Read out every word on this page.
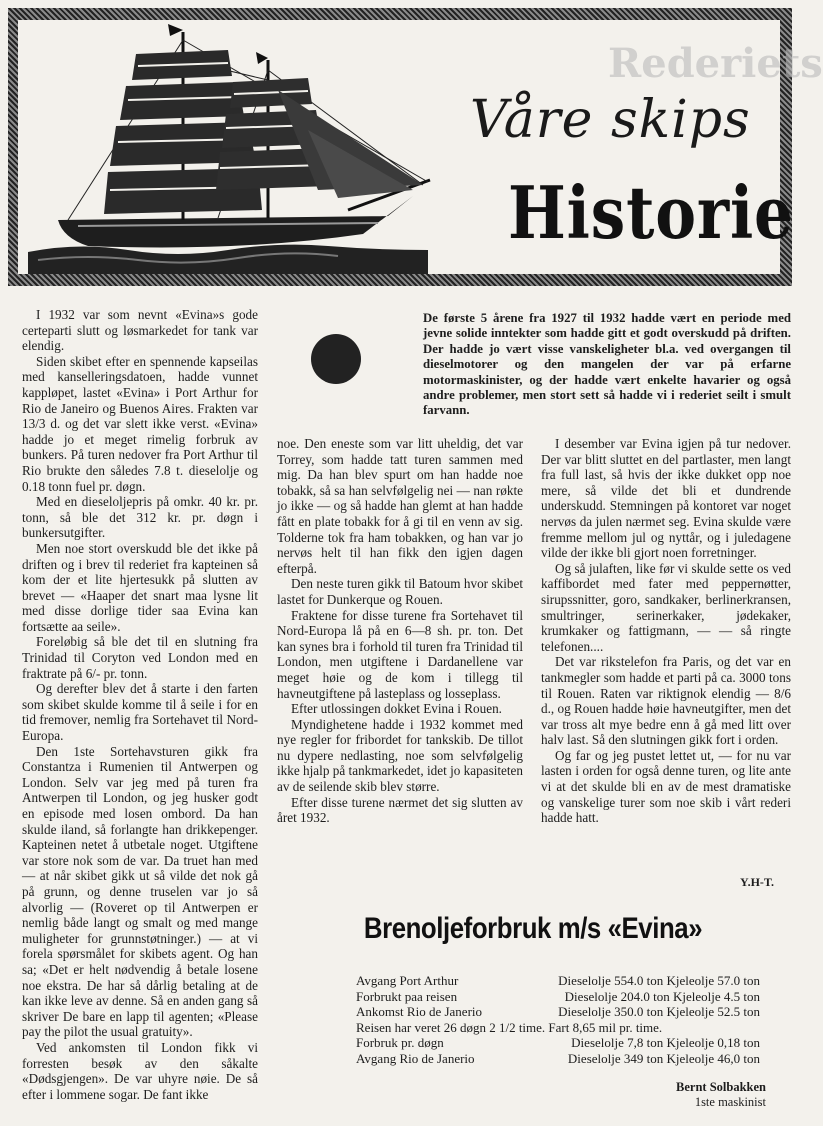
Rederiets
Våre skips
Historie
De første 5 årene fra 1927 til 1932 hadde vært en periode med jevne solide inntekter som hadde gitt et godt overskudd på driften. Der hadde jo vært visse vanskeligheter bl.a. ved overgangen til dieselmotorer og den mangelen der var på erfarne motormaskinister, og der hadde vært enkelte havarier og også andre problemer, men stort sett så hadde vi i rederiet seilt i smult farvann.

I 1932 var som nevnt «Evina»s gode certeparti slutt og løsmarkedet for tank var elendig.

Siden skibet efter en spennende kapseilas med kanselleringsdatoen, hadde vunnet kappløpet, lastet «Evina» i Port Arthur for Rio de Janeiro og Buenos Aires. Frakten var 13/3 d. og det var slett ikke verst. «Evina» hadde jo et meget rimelig forbruk av bunkers. På turen nedover fra Port Arthur til Rio brukte den således 7.8 t. dieselolje og 0.18 tonn fuel pr. døgn.

Med en dieseloljepris på omkr. 40 kr. pr. tonn, så ble det 312 kr. pr. døgn i bunkersutgifter.

Men noe stort overskudd ble det ikke på driften og i brev til rederiet fra kapteinen så kom der et lite hjertesukk på slutten av brevet — «Haaper det snart maa lysne lit med disse dorlige tider saa Evina kan fortsætte aa seile».

Foreløbig så ble det til en slutning fra Trinidad til Coryton ved London med en fraktrate på 6/- pr. tonn.

Og derefter blev det å starte i den farten som skibet skulde komme til å seile i for en tid fremover, nemlig fra Sortehavet til Nord-Europa.

Den 1ste Sortehavsturen gikk fra Constantza i Rumenien til Antwerpen og London. Selv var jeg med på turen fra Antwerpen til London, og jeg husker godt en episode med losen ombord. Da han skulde iland, så forlangte han drikkepenger. Kapteinen netet å utbetale noget. Utgiftene var store nok som de var. Da truet han med — at når skibet gikk ut så vilde det nok gå på grunn, og denne truselen var jo så alvorlig — (Roveret op til Antwerpen er nemlig både langt og smalt og med mange muligheter for grunnstøtninger.) — at vi forela spørsmålet for skibets agent. Og han sa; «Det er helt nødvendig å betale losene noe ekstra. De har så dårlig betaling at de kan ikke leve av denne. Så en anden gang så skriver De bare en lapp til agenten; «Please pay the pilot the usual gratuity».

Ved ankomsten til London fikk vi forresten besøk av den såkalte «Dødsgjengen». De var uhyre nøie. De så efter i lommene sogar. De fant ikke

noe. Den eneste som var litt uheldig, det var Torrey, som hadde tatt turen sammen med mig. Da han blev spurt om han hadde noe tobakk, så sa han selvfølgelig nei — nan røkte jo ikke — og så hadde han glemt at han hadde fått en plate tobakk for å gi til en venn av sig. Tolderne tok fra ham tobakken, og han var jo nervøs helt til han fikk den igjen dagen efterpå.

Den neste turen gikk til Batoum hvor skibet lastet for Dunkerque og Rouen.

Fraktene for disse turene fra Sortehavet til Nord-Europa lå på en 6—8 sh. pr. ton. Det kan synes bra i forhold til turen fra Trinidad til London, men utgiftene i Dardanellene var meget høie og de kom i tillegg til havneutgiftene på lasteplass og losseplass.

Efter utlossingen dokket Evina i Rouen.

Myndighetene hadde i 1932 kommet med nye regler for fribordet for tankskib. De tillot nu dypere nedlasting, noe som selvfølgelig ikke hjalp på tankmarkedet, idet jo kapasiteten av de seilende skib blev større.

Efter disse turene nærmet det sig slutten av året 1932.

I desember var Evina igjen på tur nedover. Der var blitt sluttet en del partlaster, men langt fra full last, så hvis der ikke dukket opp noe mere, så vilde det bli et dundrende underskudd. Stemningen på kontoret var noget nervøs da julen nærmet seg. Evina skulde være fremme mellom jul og nyttår, og i juledagene vilde der ikke bli gjort noen forretninger.

Og så julaften, like før vi skulde sette os ved kaffibordet med fater med peppernøtter, sirupssnitter, goro, sandkaker, berlinerkransen, smultringer, serinerkaker, jødekaker, krumkaker og fattigmann, — — så ringte telefonen....

Det var rikstelefon fra Paris, og det var en tankmegler som hadde et parti på ca. 3000 tons til Rouen. Raten var riktignok elendig — 8/6 d., og Rouen hadde høie havneutgifter, men det var tross alt mye bedre enn å gå med litt over halv last. Så den slutningen gikk fort i orden.

Og far og jeg pustet lettet ut, — for nu var lasten i orden for også denne turen, og lite ante vi at det skulde bli en av de mest dramatiske og vanskelige turer som noe skib i vårt rederi hadde hatt.

Y.H-T.
Brenoljeforbruk m/s «Evina»
Avgang Port Arthur	Dieselolje 554.0 ton Kjeleolje 57.0 ton
Forbrukt paa reisen	Dieselolje 204.0 ton Kjeleolje 4.5 ton
Ankomst Rio de Janerio	Dieselolje 350.0 ton Kjeleolje 52.5 ton
Reisen har veret 26 døgn 2 1/2 time. Fart 8,65 mil pr. time.
Forbruk pr. døgn	Dieselolje 7,8 ton Kjeleolje 0,18 ton
Avgang Rio de Janerio	Dieselolje 349 ton Kjeleolje 46,0 ton
Bernt Solbakken
1ste maskinist
